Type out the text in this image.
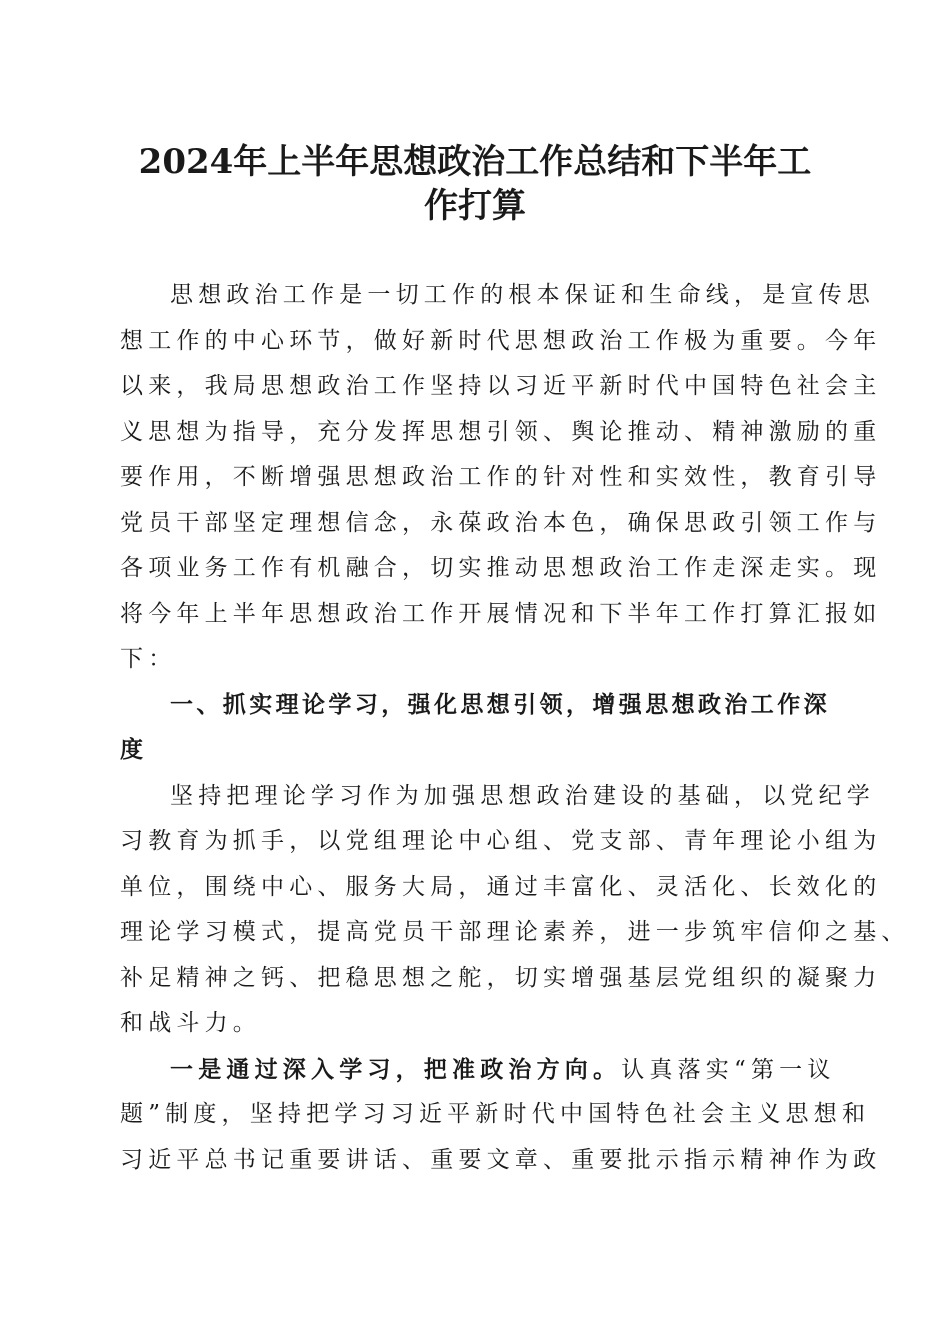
2024年上半年思想政治工作总结和下半年工
作打算
思想政治工作是一切工作的根本保证和生命线，是宣传思
想工作的中心环节，做好新时代思想政治工作极为重要。今年
以来，我局思想政治工作坚持以习近平新时代中国特色社会主
义思想为指导，充分发挥思想引领、舆论推动、精神激励的重
要作用，不断增强思想政治工作的针对性和实效性，教育引导
党员干部坚定理想信念，永葆政治本色，确保思政引领工作与
各项业务工作有机融合，切实推动思想政治工作走深走实。现
将今年上半年思想政治工作开展情况和下半年工作打算汇报如
下：
一、抓实理论学习，强化思想引领，增强思想政治工作深
度
坚持把理论学习作为加强思想政治建设的基础，以党纪学
习教育为抓手，以党组理论中心组、党支部、青年理论小组为
单位，围绕中心、服务大局，通过丰富化、灵活化、长效化的
理论学习模式，提高党员干部理论素养，进一步筑牢信仰之基、
补足精神之钙、把稳思想之舵，切实增强基层党组织的凝聚力
和战斗力。
一是通过深入学习，把准政治方向。认真落实“第一议
题”制度，坚持把学习习近平新时代中国特色社会主义思想和
习近平总书记重要讲话、重要文章、重要批示指示精神作为政
